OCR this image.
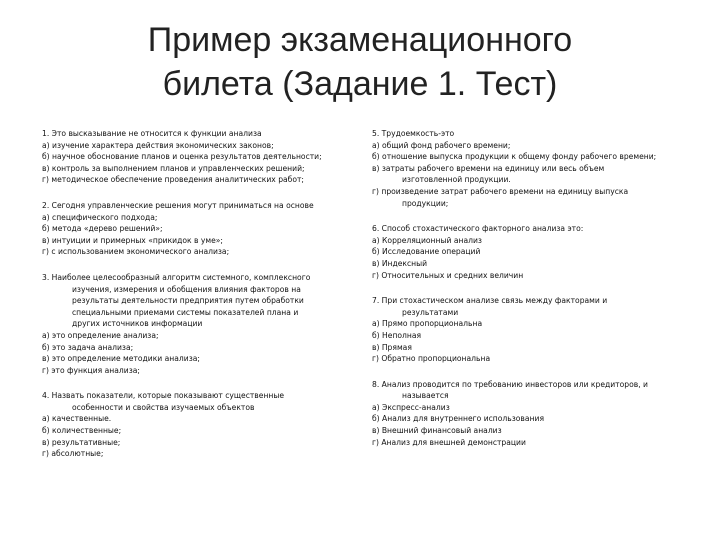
Пример экзаменационного
билета (Задание 1. Тест)

1. Это высказывание не относится к функции анализа

а) изучение характера действия экономических законов;

б) научное обоснование планов и оценка результатов деятельности;

в) контроль за выполнением планов и управленческих решений;

г) методическое обеспечение проведения аналитических работ;

2. Сегодня управленческие решения могут приниматься на основе

а) специфического подхода;

б) метода «дерево решений»;

в) интуиции и примерных «прикидок в уме»;

г) с использованием экономического анализа;

3. Наиболее целесообразный алгоритм системного, комплексного

изучения, измерения и обобщения влияния факторов на

результаты деятельности предприятия путем обработки

специальными приемами системы показателей плана и

других источников информации

а) это определение анализа;

б) это задача анализа;

в) это определение методики анализа;

г) это функция анализа;

4. Назвать показатели, которые показывают существенные

особенности и свойства изучаемых объектов

а) качественные.

б) количественные;

в) результативные;

г) абсолютные;

5. Трудоемкость-это

а) общий фонд рабочего времени;

б) отношение выпуска продукции к общему фонду рабочего времени;

в) затраты рабочего времени на единицу или весь объем

изготовленной продукции.

г) произведение затрат рабочего времени на единицу выпуска

продукции;

6. Способ стохастического факторного анализа это:

а) Корреляционный анализ

б) Исследование операций

в) Индексный

г) Относительных и средних величин

7. При стохастическом анализе связь между факторами и

результатами

а) Прямо пропорциональна

б) Неполная

в) Прямая

г) Обратно пропорциональна

8. Анализ проводится по требованию инвесторов или кредиторов, и

называется

а) Экспресс-анализ

б) Анализ для внутреннего использования

в) Внешний финансовый анализ

г) Анализ для внешней демонстрации
